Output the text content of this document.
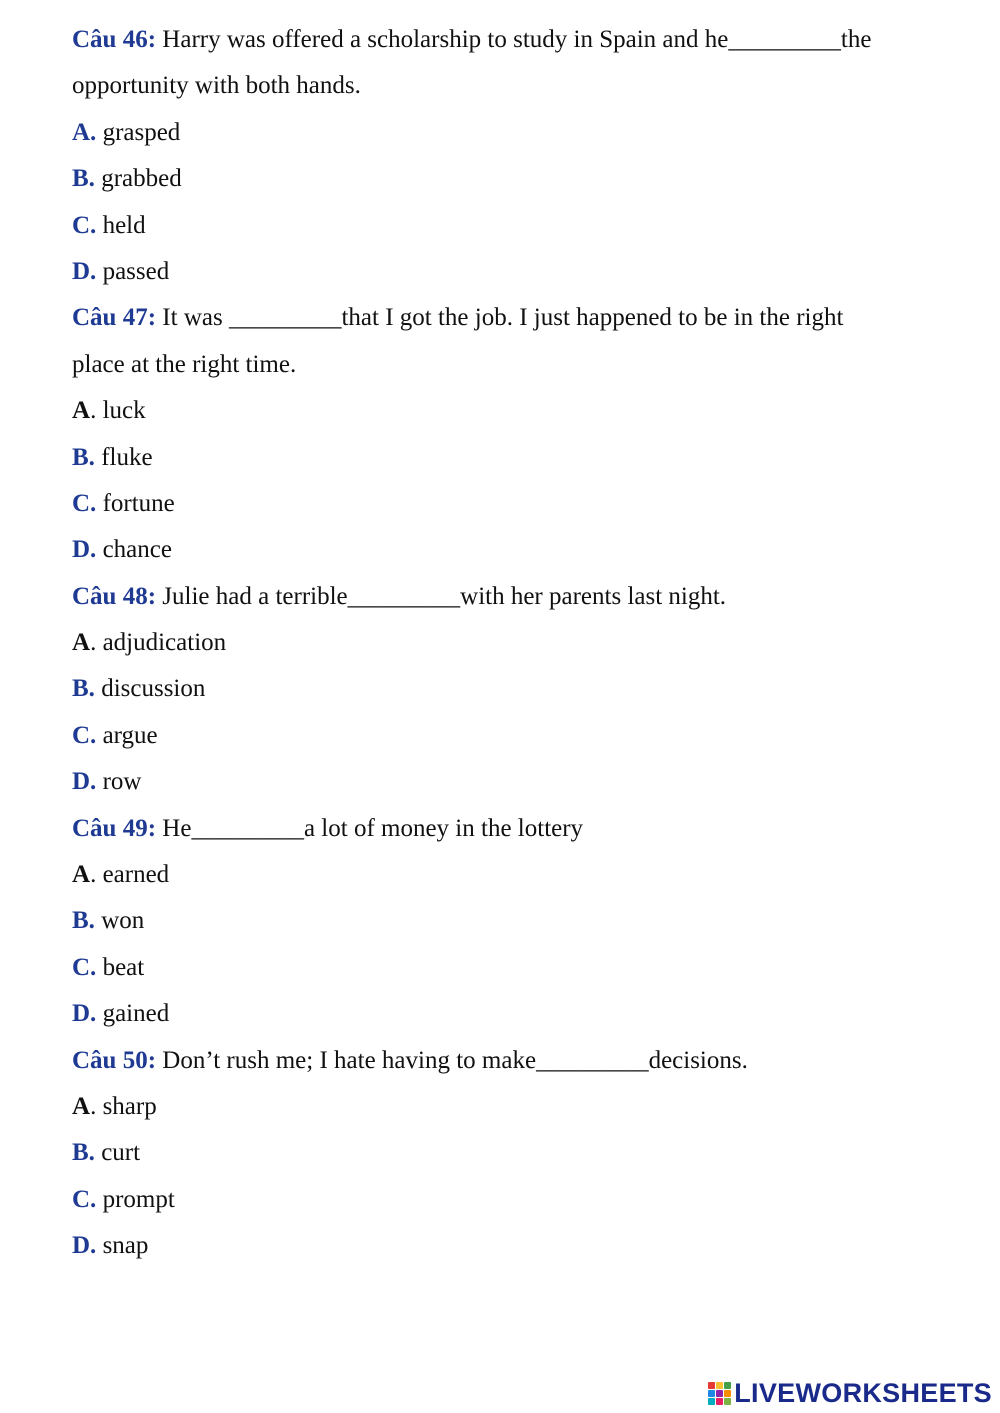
Câu 46: Harry was offered a scholarship to study in Spain and he_________the
opportunity with both hands.
A. grasped
B. grabbed
C. held
D. passed
Câu 47: It was _________that I got the job. I just happened to be in the right
place at the right time.
A. luck
B. fluke
C. fortune
D. chance
Câu 48: Julie had a terrible_________with her parents last night.
A. adjudication
B. discussion
C. argue
D. row
Câu 49: He_________a lot of money in the lottery
A. earned
B. won
C. beat
D. gained
Câu 50: Don’t rush me; I hate having to make_________decisions.
A. sharp
B. curt
C. prompt
D. snap
LIVEWORKSHEETS
